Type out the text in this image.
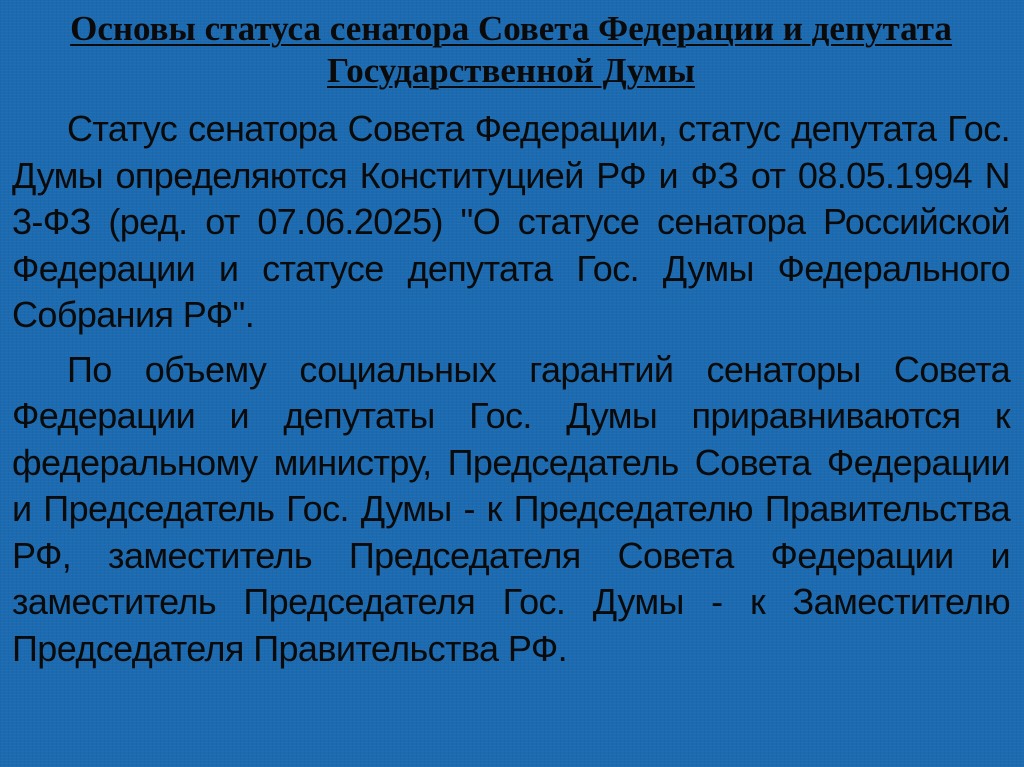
Основы статуса сенатора Совета Федерации и депутата Государственной Думы

Статус сенатора Совета Федерации, статус депутата Гос. Думы определяются Конституцией РФ и ФЗ от 08.05.1994 N 3-ФЗ (ред. от 07.06.2025) "О статусе сенатора Российской Федерации и статусе депутата Гос. Думы Федерального Собрания РФ".

По объему социальных гарантий сенаторы Совета Федерации и депутаты Гос. Думы приравниваются к федеральному министру, Председатель Совета Федерации и Председатель Гос. Думы - к Председателю Правительства РФ, заместитель Председателя Совета Федерации и заместитель Председателя Гос. Думы - к Заместителю Председателя Правительства РФ.
